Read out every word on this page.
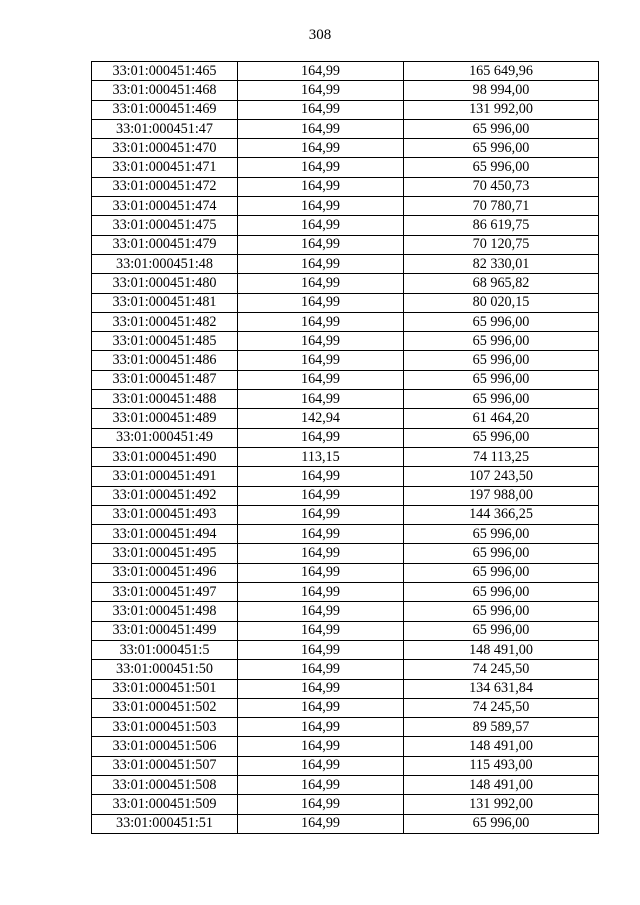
308
33:01:000451:465	164,99	165 649,96
33:01:000451:468	164,99	98 994,00
33:01:000451:469	164,99	131 992,00
33:01:000451:47	164,99	65 996,00
33:01:000451:470	164,99	65 996,00
33:01:000451:471	164,99	65 996,00
33:01:000451:472	164,99	70 450,73
33:01:000451:474	164,99	70 780,71
33:01:000451:475	164,99	86 619,75
33:01:000451:479	164,99	70 120,75
33:01:000451:48	164,99	82 330,01
33:01:000451:480	164,99	68 965,82
33:01:000451:481	164,99	80 020,15
33:01:000451:482	164,99	65 996,00
33:01:000451:485	164,99	65 996,00
33:01:000451:486	164,99	65 996,00
33:01:000451:487	164,99	65 996,00
33:01:000451:488	164,99	65 996,00
33:01:000451:489	142,94	61 464,20
33:01:000451:49	164,99	65 996,00
33:01:000451:490	113,15	74 113,25
33:01:000451:491	164,99	107 243,50
33:01:000451:492	164,99	197 988,00
33:01:000451:493	164,99	144 366,25
33:01:000451:494	164,99	65 996,00
33:01:000451:495	164,99	65 996,00
33:01:000451:496	164,99	65 996,00
33:01:000451:497	164,99	65 996,00
33:01:000451:498	164,99	65 996,00
33:01:000451:499	164,99	65 996,00
33:01:000451:5	164,99	148 491,00
33:01:000451:50	164,99	74 245,50
33:01:000451:501	164,99	134 631,84
33:01:000451:502	164,99	74 245,50
33:01:000451:503	164,99	89 589,57
33:01:000451:506	164,99	148 491,00
33:01:000451:507	164,99	115 493,00
33:01:000451:508	164,99	148 491,00
33:01:000451:509	164,99	131 992,00
33:01:000451:51	164,99	65 996,00
